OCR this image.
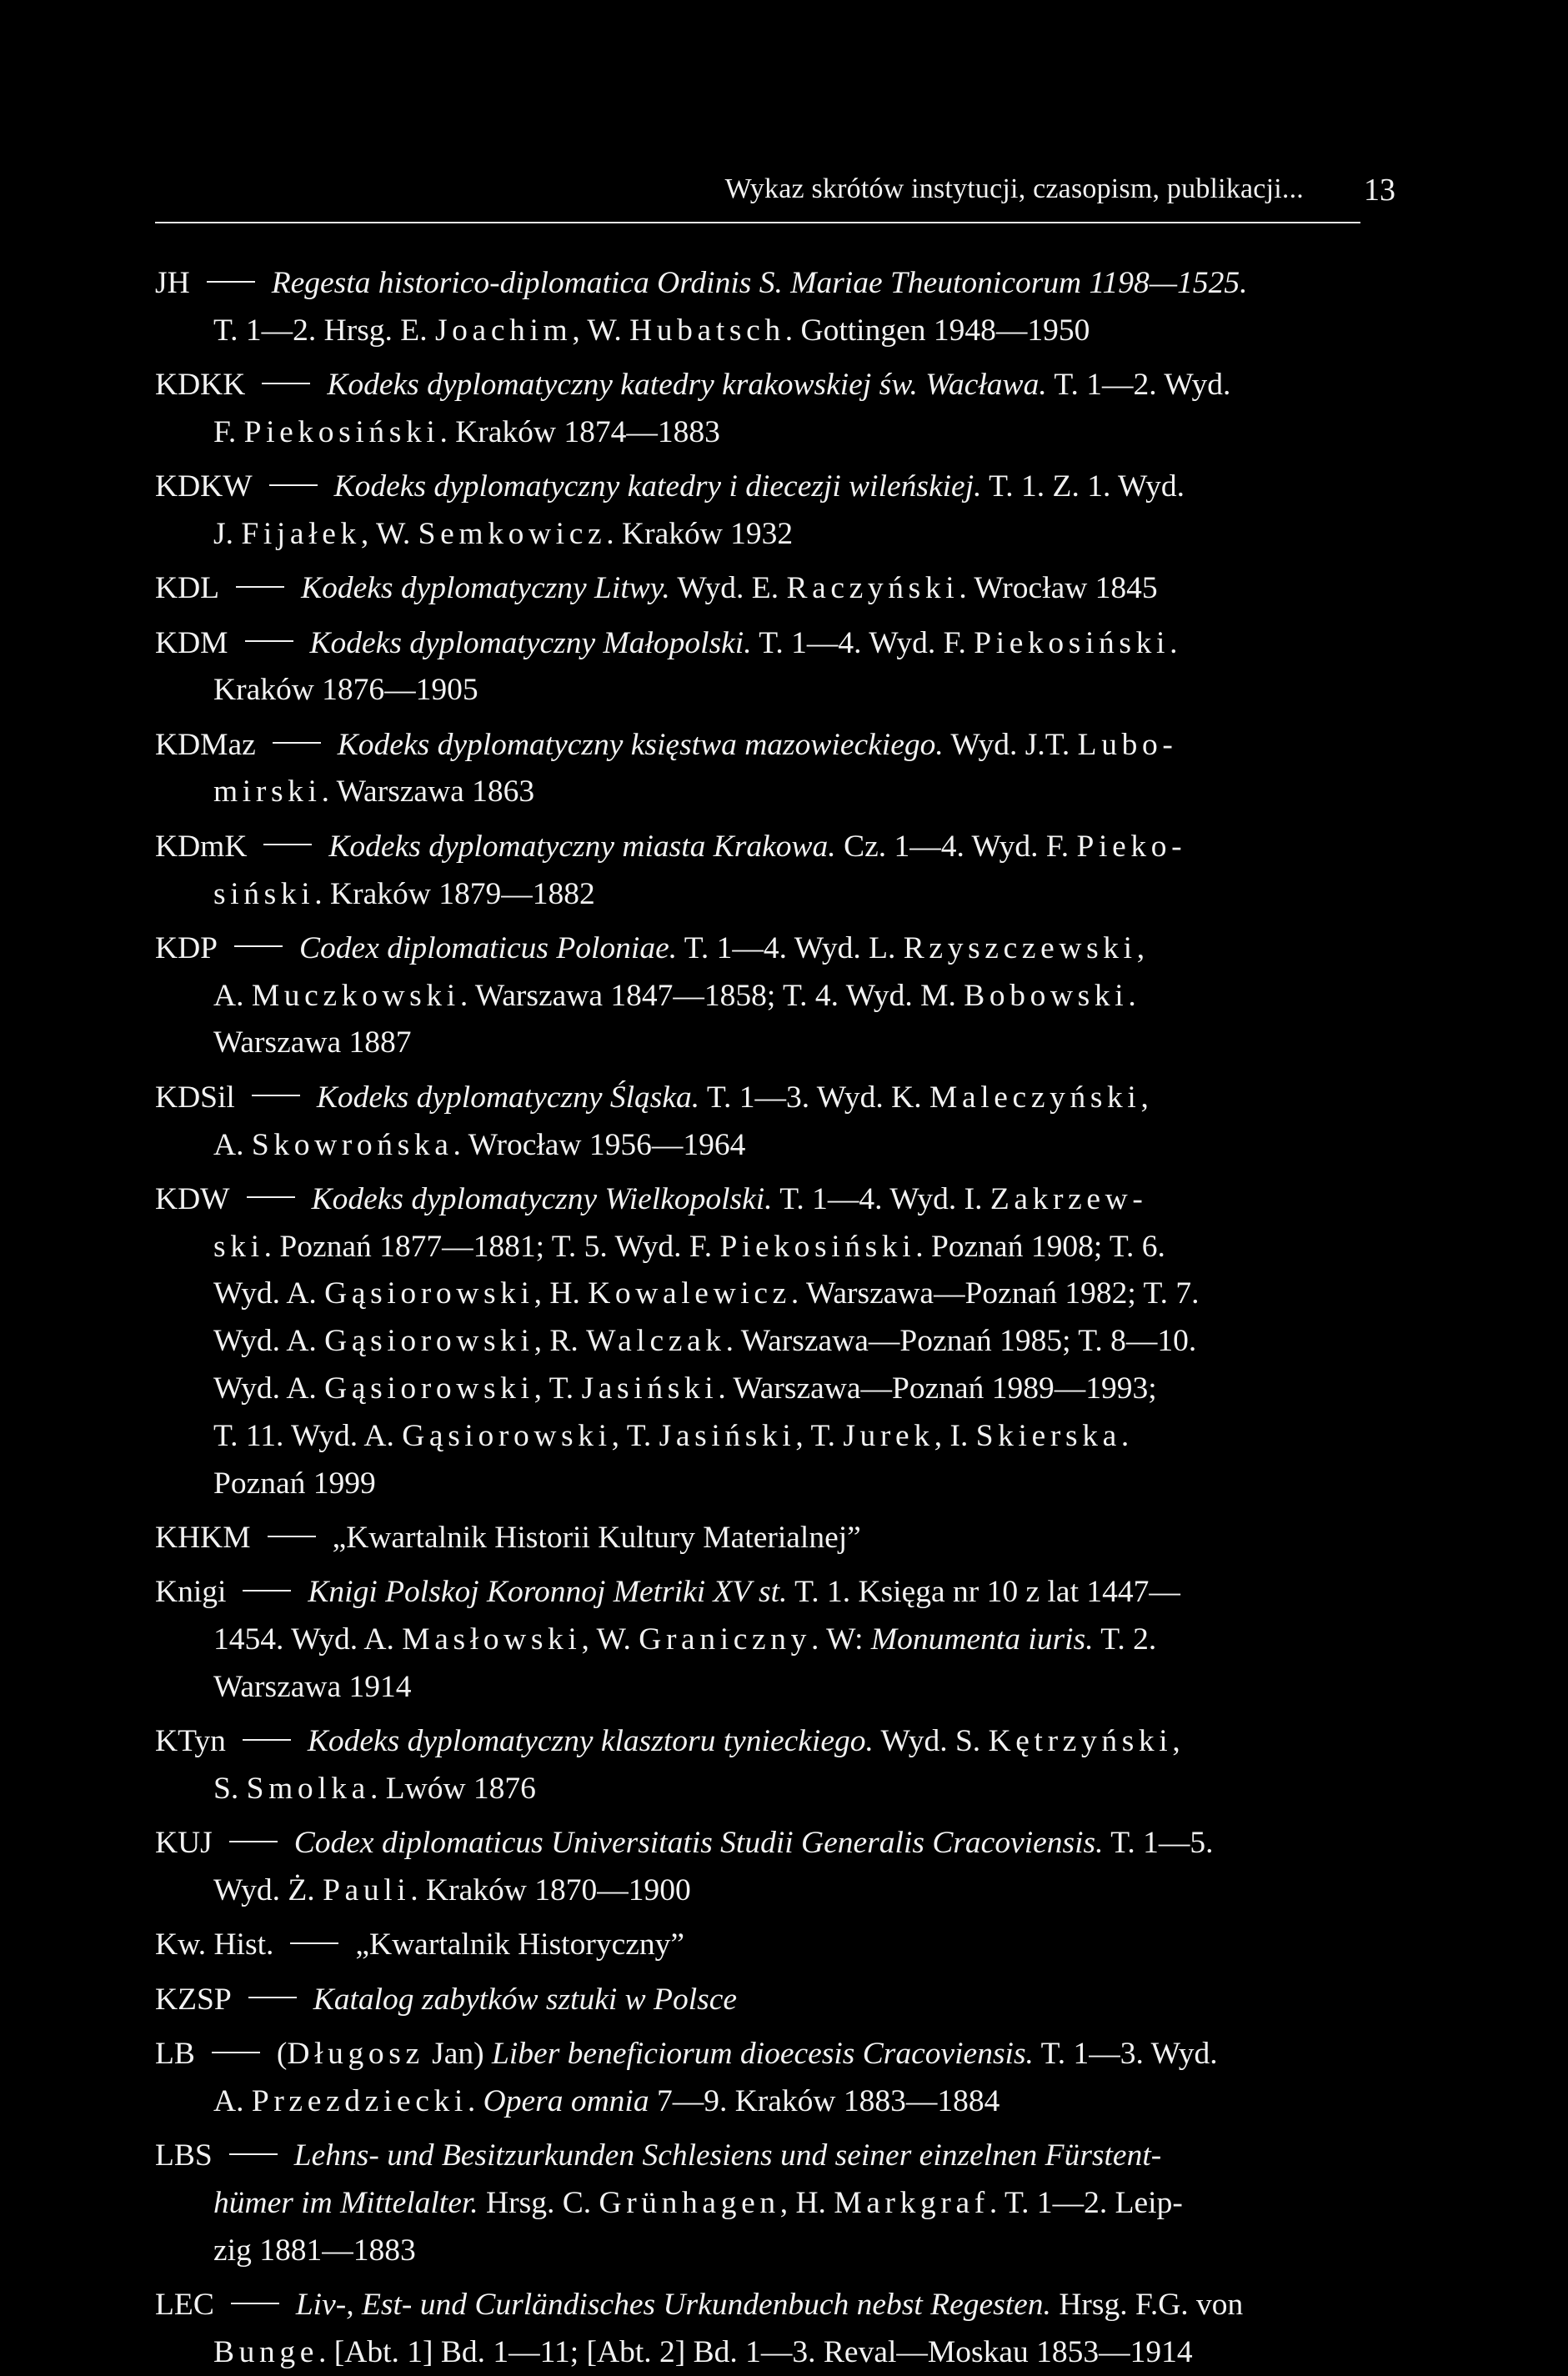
Wykaz skrótów instytucji, czasopism, publikacji... 13
JH	Regesta historico-diplomatica Ordinis S. Mariae Theutonicorum 1198—1525.
T. 1—2. Hrsg. E. Joachim, W. Hubatsch. Gottingen 1948—1950
KDKK	Kodeks dyplomatyczny katedry krakowskiej św. Wacława. T. 1—2. Wyd.
F. Piekosiński. Kraków 1874—1883
KDKW	Kodeks dyplomatyczny katedry i diecezji wileńskiej. T. 1. Z. 1. Wyd.
J. Fijałek, W. Semkowicz. Kraków 1932
KDL	Kodeks dyplomatyczny Litwy. Wyd. E. Raczyński. Wrocław 1845
KDM	Kodeks dyplomatyczny Małopolski. T. 1—4. Wyd. F. Piekosiński.
Kraków 1876—1905
KDMaz	Kodeks dyplomatyczny księstwa mazowieckiego. Wyd. J.T. Lubo-
mirski. Warszawa 1863
KDmK	Kodeks dyplomatyczny miasta Krakowa. Cz. 1—4. Wyd. F. Pieko-
siński. Kraków 1879—1882
KDP	Codex diplomaticus Poloniae. T. 1—4. Wyd. L. Rzyszczewski,
A. Muczkowski. Warszawa 1847—1858; T. 4. Wyd. M. Bobowski.
Warszawa 1887
KDSil	Kodeks dyplomatyczny Śląska. T. 1—3. Wyd. K. Maleczyński,
A. Skowrońska. Wrocław 1956—1964
KDW	Kodeks dyplomatyczny Wielkopolski. T. 1—4. Wyd. I. Zakrzew-
ski. Poznań 1877—1881; T. 5. Wyd. F. Piekosiński. Poznań 1908; T. 6.
Wyd. A. Gąsiorowski, H. Kowalewicz. Warszawa—Poznań 1982; T. 7.
Wyd. A. Gąsiorowski, R. Walczak. Warszawa—Poznań 1985; T. 8—10.
Wyd. A. Gąsiorowski, T. Jasiński. Warszawa—Poznań 1989—1993;
T. 11. Wyd. A. Gąsiorowski, T. Jasiński, T. Jurek, I. Skierska.
Poznań 1999
KHKM	„Kwartalnik Historii Kultury Materialnej”
Knigi	Knigi Polskoj Koronnoj Metriki XV st. T. 1. Księga nr 10 z lat 1447—
1454. Wyd. A. Masłowski, W. Graniczny. W: Monumenta iuris. T. 2.
Warszawa 1914
KTyn	Kodeks dyplomatyczny klasztoru tynieckiego. Wyd. S. Kętrzyński,
S. Smolka. Lwów 1876
KUJ	Codex diplomaticus Universitatis Studii Generalis Cracoviensis. T. 1—5.
Wyd. Ż. Pauli. Kraków 1870—1900
Kw. Hist.	„Kwartalnik Historyczny”
KZSP	Katalog zabytków sztuki w Polsce
LB	(Długosz Jan) Liber beneficiorum dioecesis Cracoviensis. T. 1—3. Wyd.
A. Przezdziecki. Opera omnia 7—9. Kraków 1883—1884
LBS	Lehns- und Besitzurkunden Schlesiens und seiner einzelnen Fürstent-
hümer im Mittelalter. Hrsg. C. Grünhagen, H. Markgraf. T. 1—2. Leip-
zig 1881—1883
LEC	Liv-, Est- und Curländisches Urkundenbuch nebst Regesten. Hrsg. F.G. von
Bunge. [Abt. 1] Bd. 1—11; [Abt. 2] Bd. 1—3. Reval—Moskau 1853—1914
